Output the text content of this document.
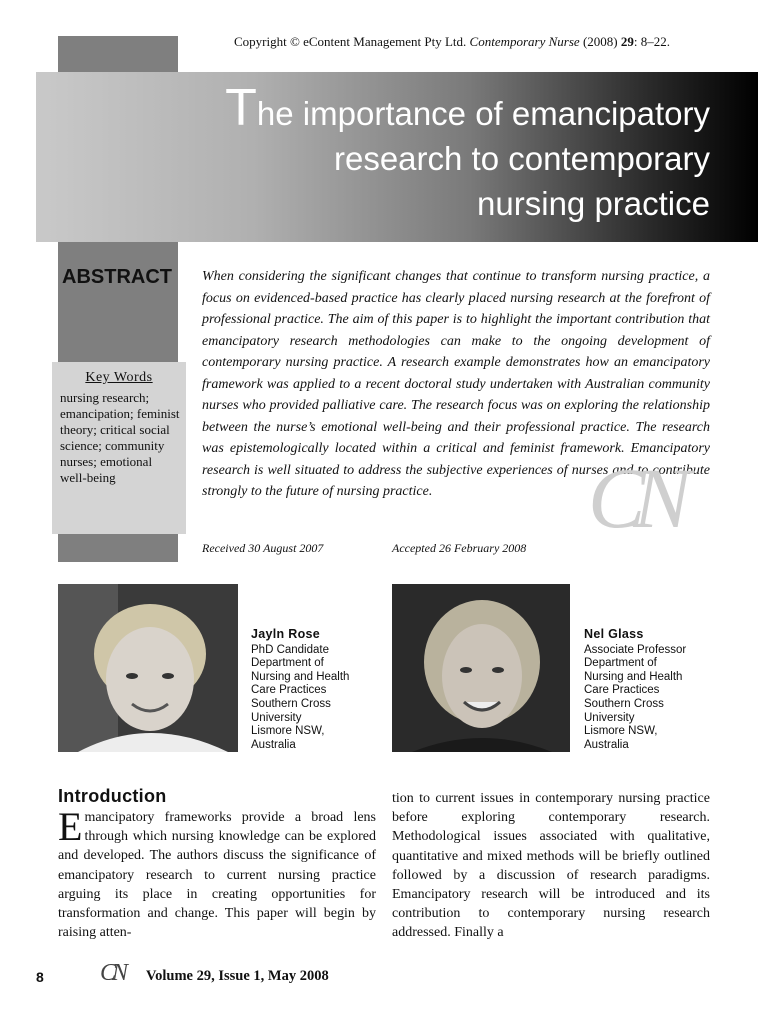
Copyright © eContent Management Pty Ltd. Contemporary Nurse (2008) 29: 8–22.
The importance of emancipatory
research to contemporary
nursing practice
ABSTRACT
Key Words
nursing research; emancipation; feminist theory; critical social science; community nurses; emotional well-being
When considering the significant changes that continue to transform nursing practice, a focus on evidenced-based practice has clearly placed nursing research at the forefront of professional practice. The aim of this paper is to highlight the important contribution that emancipatory research methodologies can make to the ongoing development of contemporary nursing practice. A research example demonstrates how an emancipatory framework was applied to a recent doctoral study undertaken with Australian community nurses who provided palliative care. The research focus was on exploring the relationship between the nurse’s emotional well-being and their professional practice. The research was epistemologically located within a critical and feminist framework. Emancipatory research is well situated to address the subjective experiences of nurses and to contribute strongly to the future of nursing practice.	CN
Received 30 August 2007	Accepted 26 February 2008
Jayln Rose
PhD Candidate
Department of
Nursing and Health
Care Practices
Southern Cross
University
Lismore NSW,
Australia
Nel Glass
Associate Professor
Department of
Nursing and Health
Care Practices
Southern Cross
University
Lismore NSW,
Australia
Introduction
Emancipatory frameworks provide a broad lens through which nursing knowledge can be explored and developed. The authors discuss the significance of emancipatory research to current nursing practice arguing its place in creating opportunities for transformation and change. This paper will begin by raising atten-
tion to current issues in contemporary nursing practice before exploring contemporary research. Methodological issues associated with qualitative, quantitative and mixed methods will be briefly outlined followed by a discussion of research paradigms. Emancipatory research will be introduced and its contribution to contemporary nursing research addressed. Finally a
8 CN Volume 29, Issue 1, May 2008
